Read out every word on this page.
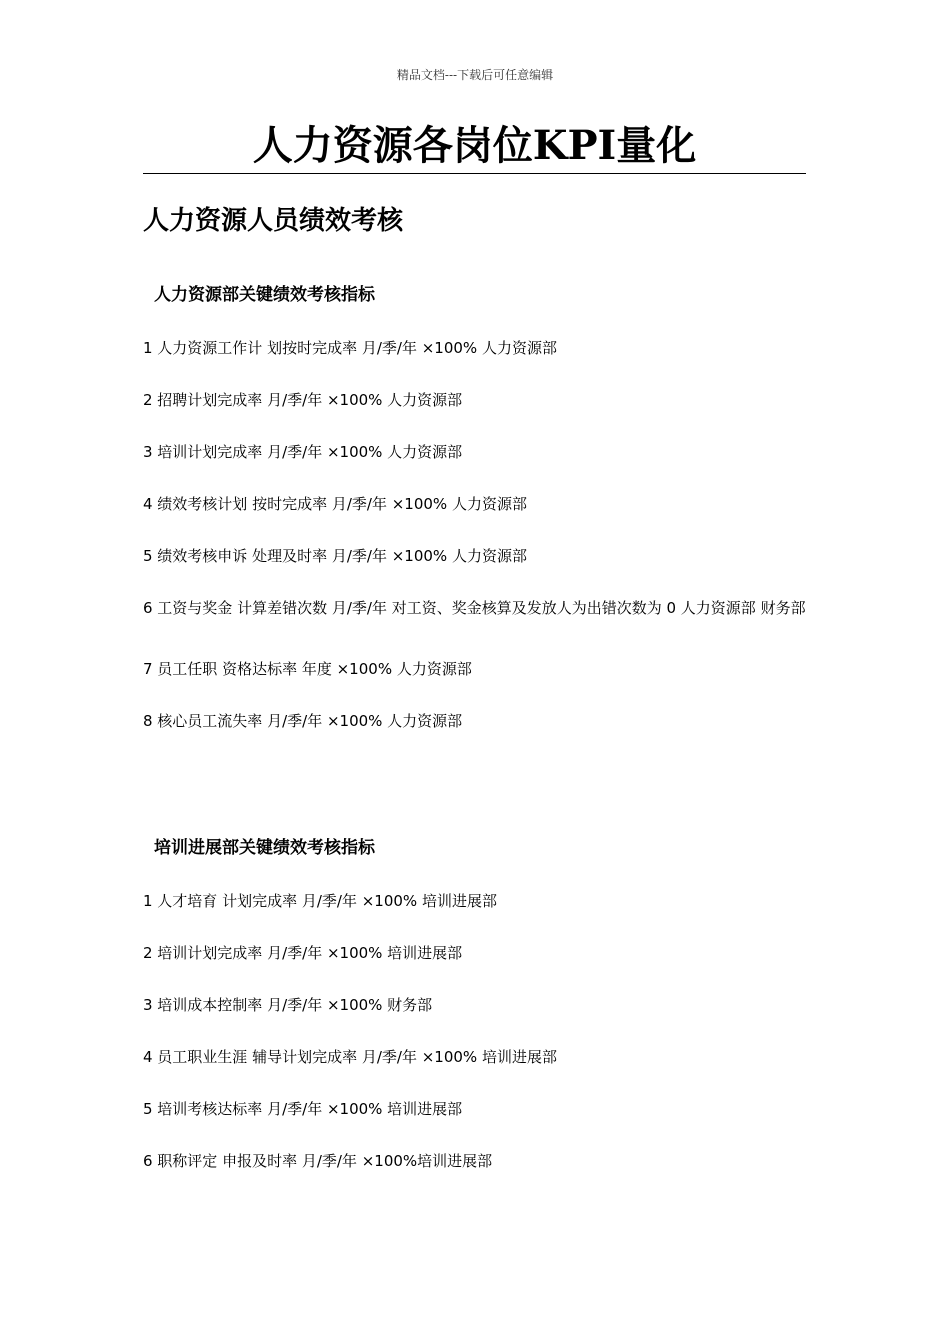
精品文档---下载后可任意编辑
人力资源各岗位KPI量化
人力资源人员绩效考核
人力资源部关键绩效考核指标
1 人力资源工作计 划按时完成率 月/季/年 ×100% 人力资源部
2 招聘计划完成率 月/季/年 ×100% 人力资源部
3 培训计划完成率 月/季/年 ×100% 人力资源部
4 绩效考核计划 按时完成率 月/季/年 ×100% 人力资源部
5 绩效考核申诉 处理及时率 月/季/年 ×100% 人力资源部
6 工资与奖金 计算差错次数 月/季/年 对工资、奖金核算及发放人为出错次数为 0 人力资源部 财务部
7 员工任职 资格达标率 年度 ×100% 人力资源部
8 核心员工流失率 月/季/年 ×100% 人力资源部
培训进展部关键绩效考核指标
1 人才培育 计划完成率 月/季/年 ×100% 培训进展部
2 培训计划完成率 月/季/年 ×100% 培训进展部
3 培训成本控制率 月/季/年 ×100% 财务部
4 员工职业生涯 辅导计划完成率 月/季/年 ×100% 培训进展部
5 培训考核达标率 月/季/年 ×100% 培训进展部
6 职称评定 申报及时率 月/季/年 ×100%培训进展部
